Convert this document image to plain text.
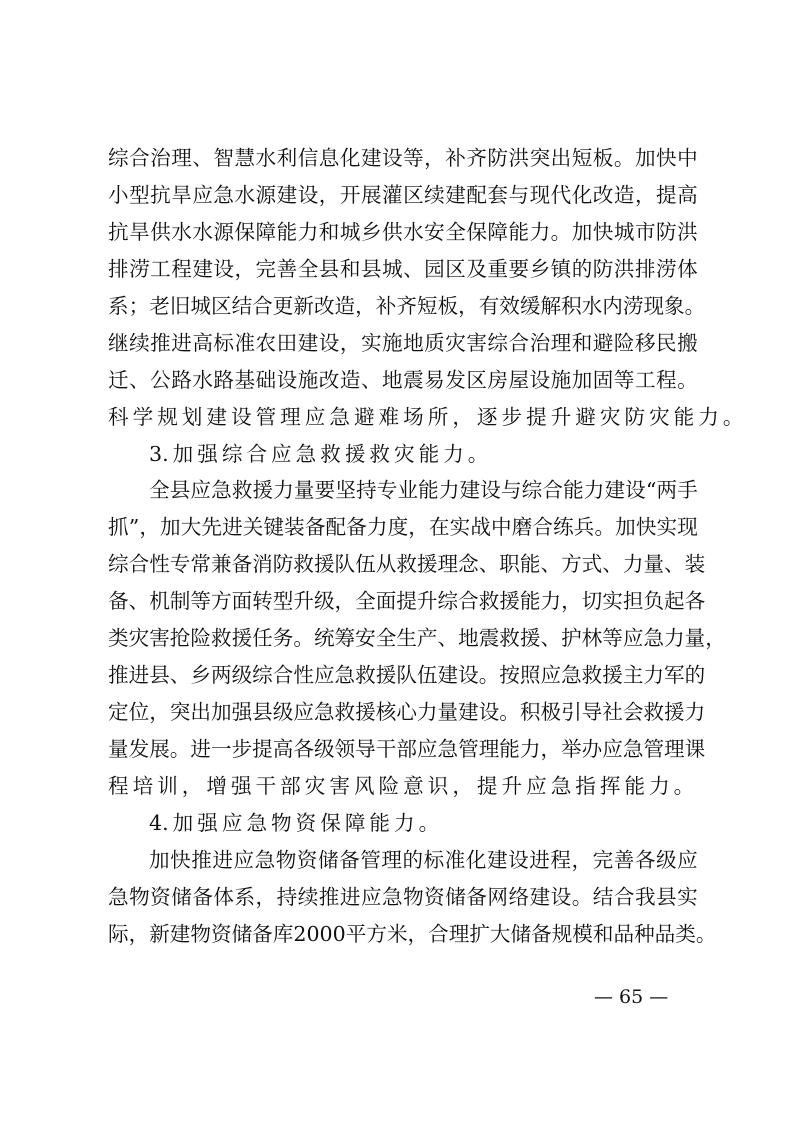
综 合 治 理 、 智 慧 水 利 信 息 化 建 设 等 ， 补 齐 防 洪 突 出 短 板 。 加 快 中
小 型 抗 旱 应 急 水 源 建 设 ， 开 展 灌 区 续 建 配 套 与 现 代 化 改 造 ， 提 高
抗 旱 供 水 水 源 保 障 能 力 和 城 乡 供 水 安 全 保 障 能 力 。 加 快 城 市 防 洪
排 涝 工 程 建 设 ， 完 善 全 县 和 县 城 、 园 区 及 重 要 乡 镇 的 防 洪 排 涝 体
系 ； 老 旧 城 区 结 合 更 新 改 造 ， 补 齐 短 板 ， 有 效 缓 解 积 水 内 涝 现 象 。
继 续 推 进 高 标 准 农 田 建 设 ， 实 施 地 质 灾 害 综 合 治 理 和 避 险 移 民 搬
迁 、 公 路 水 路 基 础 设 施 改 造 、 地 震 易 发 区 房 屋 设 施 加 固 等 工 程 。
科 学 规 划 建 设 管 理 应 急 避 难 场 所 ， 逐 步 提 升 避 灾 防 灾 能 力 。
3. 加 强 综 合 应 急 救 援 救 灾 能 力 。
全 县 应 急 救 援 力 量 要 坚 持 专 业 能 力 建 设 与 综 合 能 力 建 设 “ 两 手
抓 ” ， 加 大 先 进 关 键 装 备 配 备 力 度 ， 在 实 战 中 磨 合 练 兵 。 加 快 实 现
综 合 性 专 常 兼 备 消 防 救 援 队 伍 从 救 援 理 念 、 职 能 、 方 式 、 力 量 、 装
备 、 机 制 等 方 面 转 型 升 级 ， 全 面 提 升 综 合 救 援 能 力 ， 切 实 担 负 起 各
类 灾 害 抢 险 救 援 任 务 。 统 筹 安 全 生 产 、 地 震 救 援 、 护 林 等 应 急 力 量 ，
推 进 县 、 乡 两 级 综 合 性 应 急 救 援 队 伍 建 设 。 按 照 应 急 救 援 主 力 军 的
定 位 ， 突 出 加 强 县 级 应 急 救 援 核 心 力 量 建 设 。 积 极 引 导 社 会 救 援 力
量 发 展 。 进 一 步 提 高 各 级 领 导 干 部 应 急 管 理 能 力 ， 举 办 应 急 管 理 课
程 培 训 ， 增 强 干 部 灾 害 风 险 意 识 ， 提 升 应 急 指 挥 能 力 。
4. 加 强 应 急 物 资 保 障 能 力 。
加 快 推 进 应 急 物 资 储 备 管 理 的 标 准 化 建 设 进 程 ， 完 善 各 级 应
急 物 资 储 备 体 系 ， 持 续 推 进 应 急 物 资 储 备 网 络 建 设 。 结 合 我 县 实
际 ， 新 建 物 资 储 备 库 2000 平 方 米 ， 合 理 扩 大 储 备 规 模 和 品 种 品 类 。
— 65 —
